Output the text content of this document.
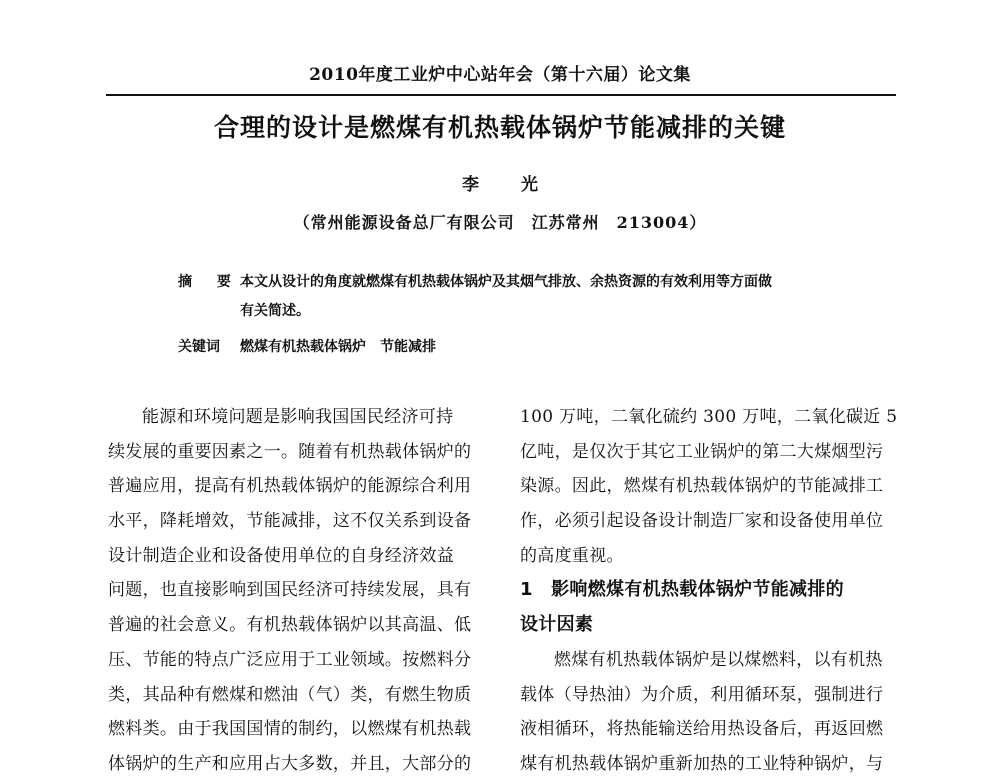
2010年度工业炉中心站年会（第十六届）论文集
合理的设计是燃煤有机热载体锅炉节能减排的关键
李 光
（常州能源设备总厂有限公司　江苏常州　213004）
摘 要本文从设计的角度就燃煤有机热载体锅炉及其烟气排放、余热资源的有效利用等方面做
有关简述。
关键词 燃煤有机热载体锅炉　节能减排
能源和环境问题是影响我国国民经济可持
续发展的重要因素之一。随着有机热载体锅炉的
普遍应用，提高有机热载体锅炉的能源综合利用
水平，降耗增效，节能减排，这不仅关系到设备
设计制造企业和设备使用单位的自身经济效益
问题，也直接影响到国民经济可持续发展，具有
普遍的社会意义。有机热载体锅炉以其高温、低
压、节能的特点广泛应用于工业领域。按燃料分
类，其品种有燃煤和燃油（气）类，有燃生物质
燃料类。由于我国国情的制约，以燃煤有机热载
体锅炉的生产和应用占大多数，并且，大部分的
100 万吨，二氧化硫约 300 万吨，二氧化碳近 5
亿吨，是仅次于其它工业锅炉的第二大煤烟型污
染源。因此，燃煤有机热载体锅炉的节能减排工
作，必须引起设备设计制造厂家和设备使用单位
的高度重视。
1　影响燃煤有机热载体锅炉节能减排的
设计因素
燃煤有机热载体锅炉是以煤燃料，以有机热
载体（导热油）为介质，利用循环泵，强制进行
液相循环，将热能输送给用热设备后，再返回燃
煤有机热载体锅炉重新加热的工业特种锅炉，与
